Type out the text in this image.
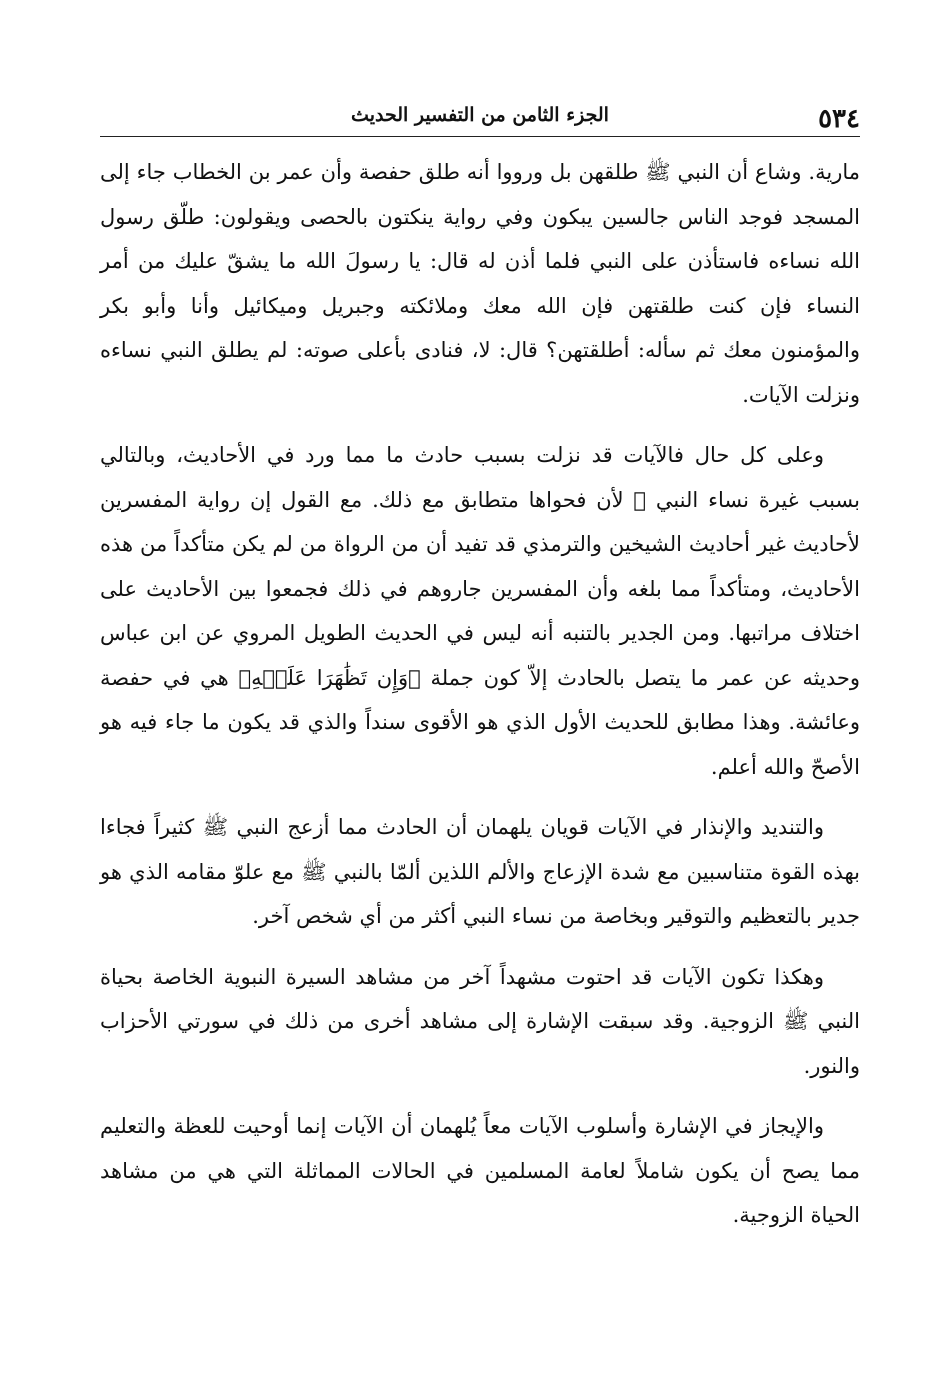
٥٣٤
الجزء الثامن من التفسير الحديث

مارية. وشاع أن النبي ﷺ طلقهن بل ورووا أنه طلق حفصة وأن عمر بن الخطاب جاء إلى المسجد فوجد الناس جالسين يبكون وفي رواية ينكتون بالحصى ويقولون: طلّق رسول الله نساءه فاستأذن على النبي فلما أذن له قال: يا رسولَ الله ما يشقّ عليك من أمر النساء فإن كنت طلقتهن فإن الله معك وملائكته وجبريل وميكائيل وأنا وأبو بكر والمؤمنون معك ثم سأله: أطلقتهن؟ قال: لا، فنادى بأعلى صوته: لم يطلق النبي نساءه ونزلت الآيات.

وعلى كل حال فالآيات قد نزلت بسبب حادث ما مما ورد في الأحاديث، وبالتالي بسبب غيرة نساء النبي ﷺ لأن فحواها متطابق مع ذلك. مع القول إن رواية المفسرين لأحاديث غير أحاديث الشيخين والترمذي قد تفيد أن من الرواة من لم يكن متأكداً من هذه الأحاديث، ومتأكداً مما بلغه وأن المفسرين جاروهم في ذلك فجمعوا بين الأحاديث على اختلاف مراتبها. ومن الجدير بالتنبه أنه ليس في الحديث الطويل المروي عن ابن عباس وحديثه عن عمر ما يتصل بالحادث إلاّ كون جملة ﴿وَإِن تَظَٰهَرَا عَلَيۡهِ﴾ هي في حفصة وعائشة. وهذا مطابق للحديث الأول الذي هو الأقوى سنداً والذي قد يكون ما جاء فيه هو الأصحّ والله أعلم.

والتنديد والإنذار في الآيات قويان يلهمان أن الحادث مما أزعج النبي ﷺ كثيراً فجاءا بهذه القوة متناسبين مع شدة الإزعاج والألم اللذين ألمّا بالنبي ﷺ مع علوّ مقامه الذي هو جدير بالتعظيم والتوقير وبخاصة من نساء النبي أكثر من أي شخص آخر.

وهكذا تكون الآيات قد احتوت مشهداً آخر من مشاهد السيرة النبوية الخاصة بحياة النبي ﷺ الزوجية. وقد سبقت الإشارة إلى مشاهد أخرى من ذلك في سورتي الأحزاب والنور.

والإيجاز في الإشارة وأسلوب الآيات معاً يُلهمان أن الآيات إنما أوحيت للعظة والتعليم مما يصح أن يكون شاملاً لعامة المسلمين في الحالات المماثلة التي هي من مشاهد الحياة الزوجية.
